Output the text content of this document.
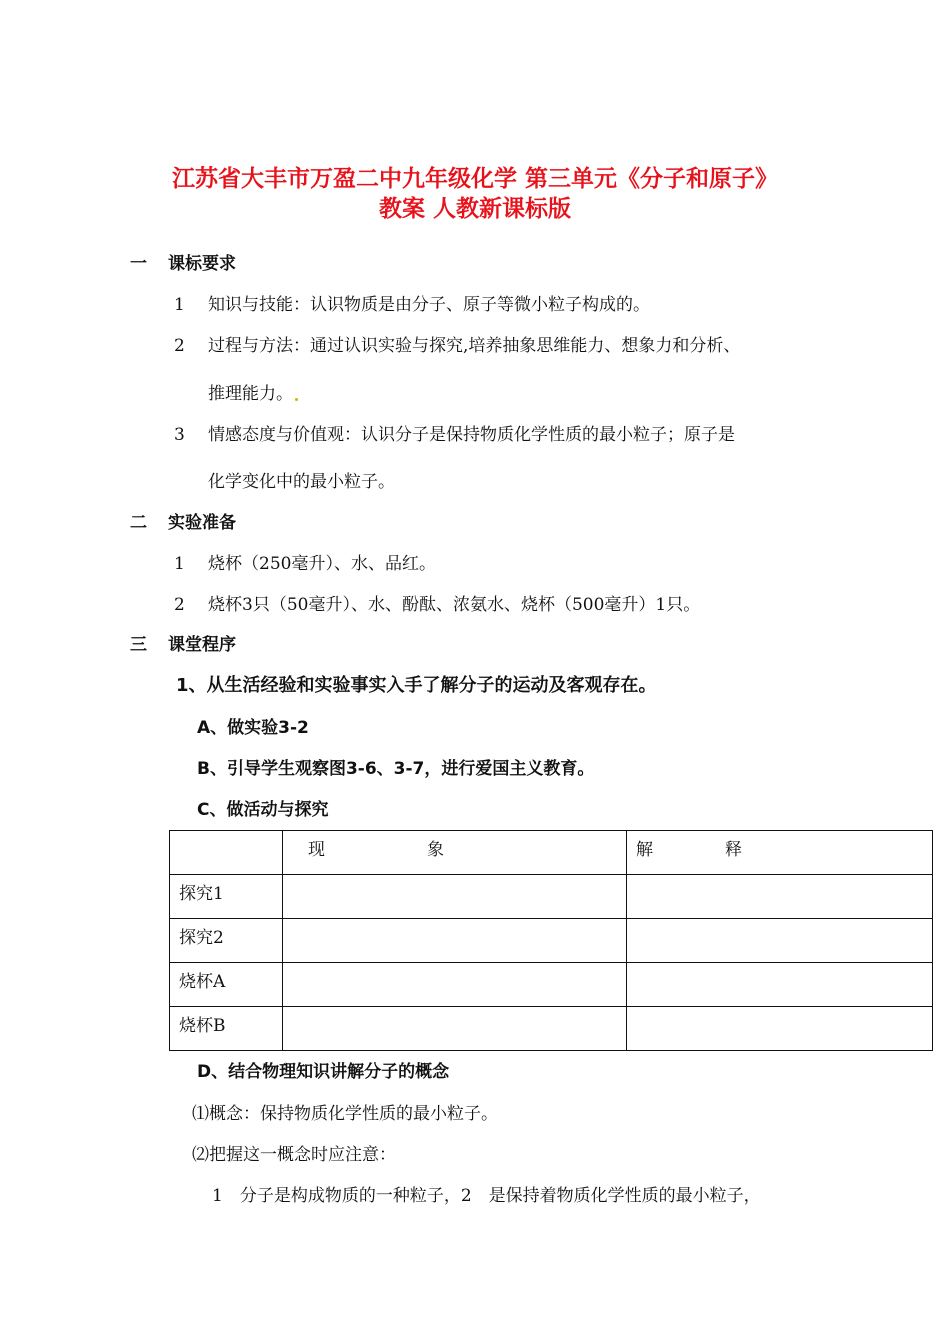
江苏省大丰市万盈二中九年级化学 第三单元《分子和原子》
教案 人教新课标版
一 课标要求
1 知识与技能：认识物质是由分子、原子等微小粒子构成的。
2 过程与方法：通过认识实验与探究,培养抽象思维能力、想象力和分析、
推理能力。
3 情感态度与价值观：认识分子是保持物质化学性质的最小粒子；原子是
化学变化中的最小粒子。
二 实验准备
1 烧杯（250毫升）、水、品红。
2 烧杯3只（50毫升）、水、酚酞、浓氨水、烧杯（500毫升）1只。
三 课堂程序
1、从生活经验和实验事实入手了解分子的运动及客观存在。
A、做实验3-2
B、引导学生观察图3-6、3-7，进行爱国主义教育。
C、做活动与探究

	现 象	解 释

探究1		
探究2		
烧杯A		
烧杯B		
D、结合物理知识讲解分子的概念
⑴概念：保持物质化学性质的最小粒子。
⑵把握这一概念时应注意：
1　分子是构成物质的一种粒子，2　是保持着物质化学性质的最小粒子，
